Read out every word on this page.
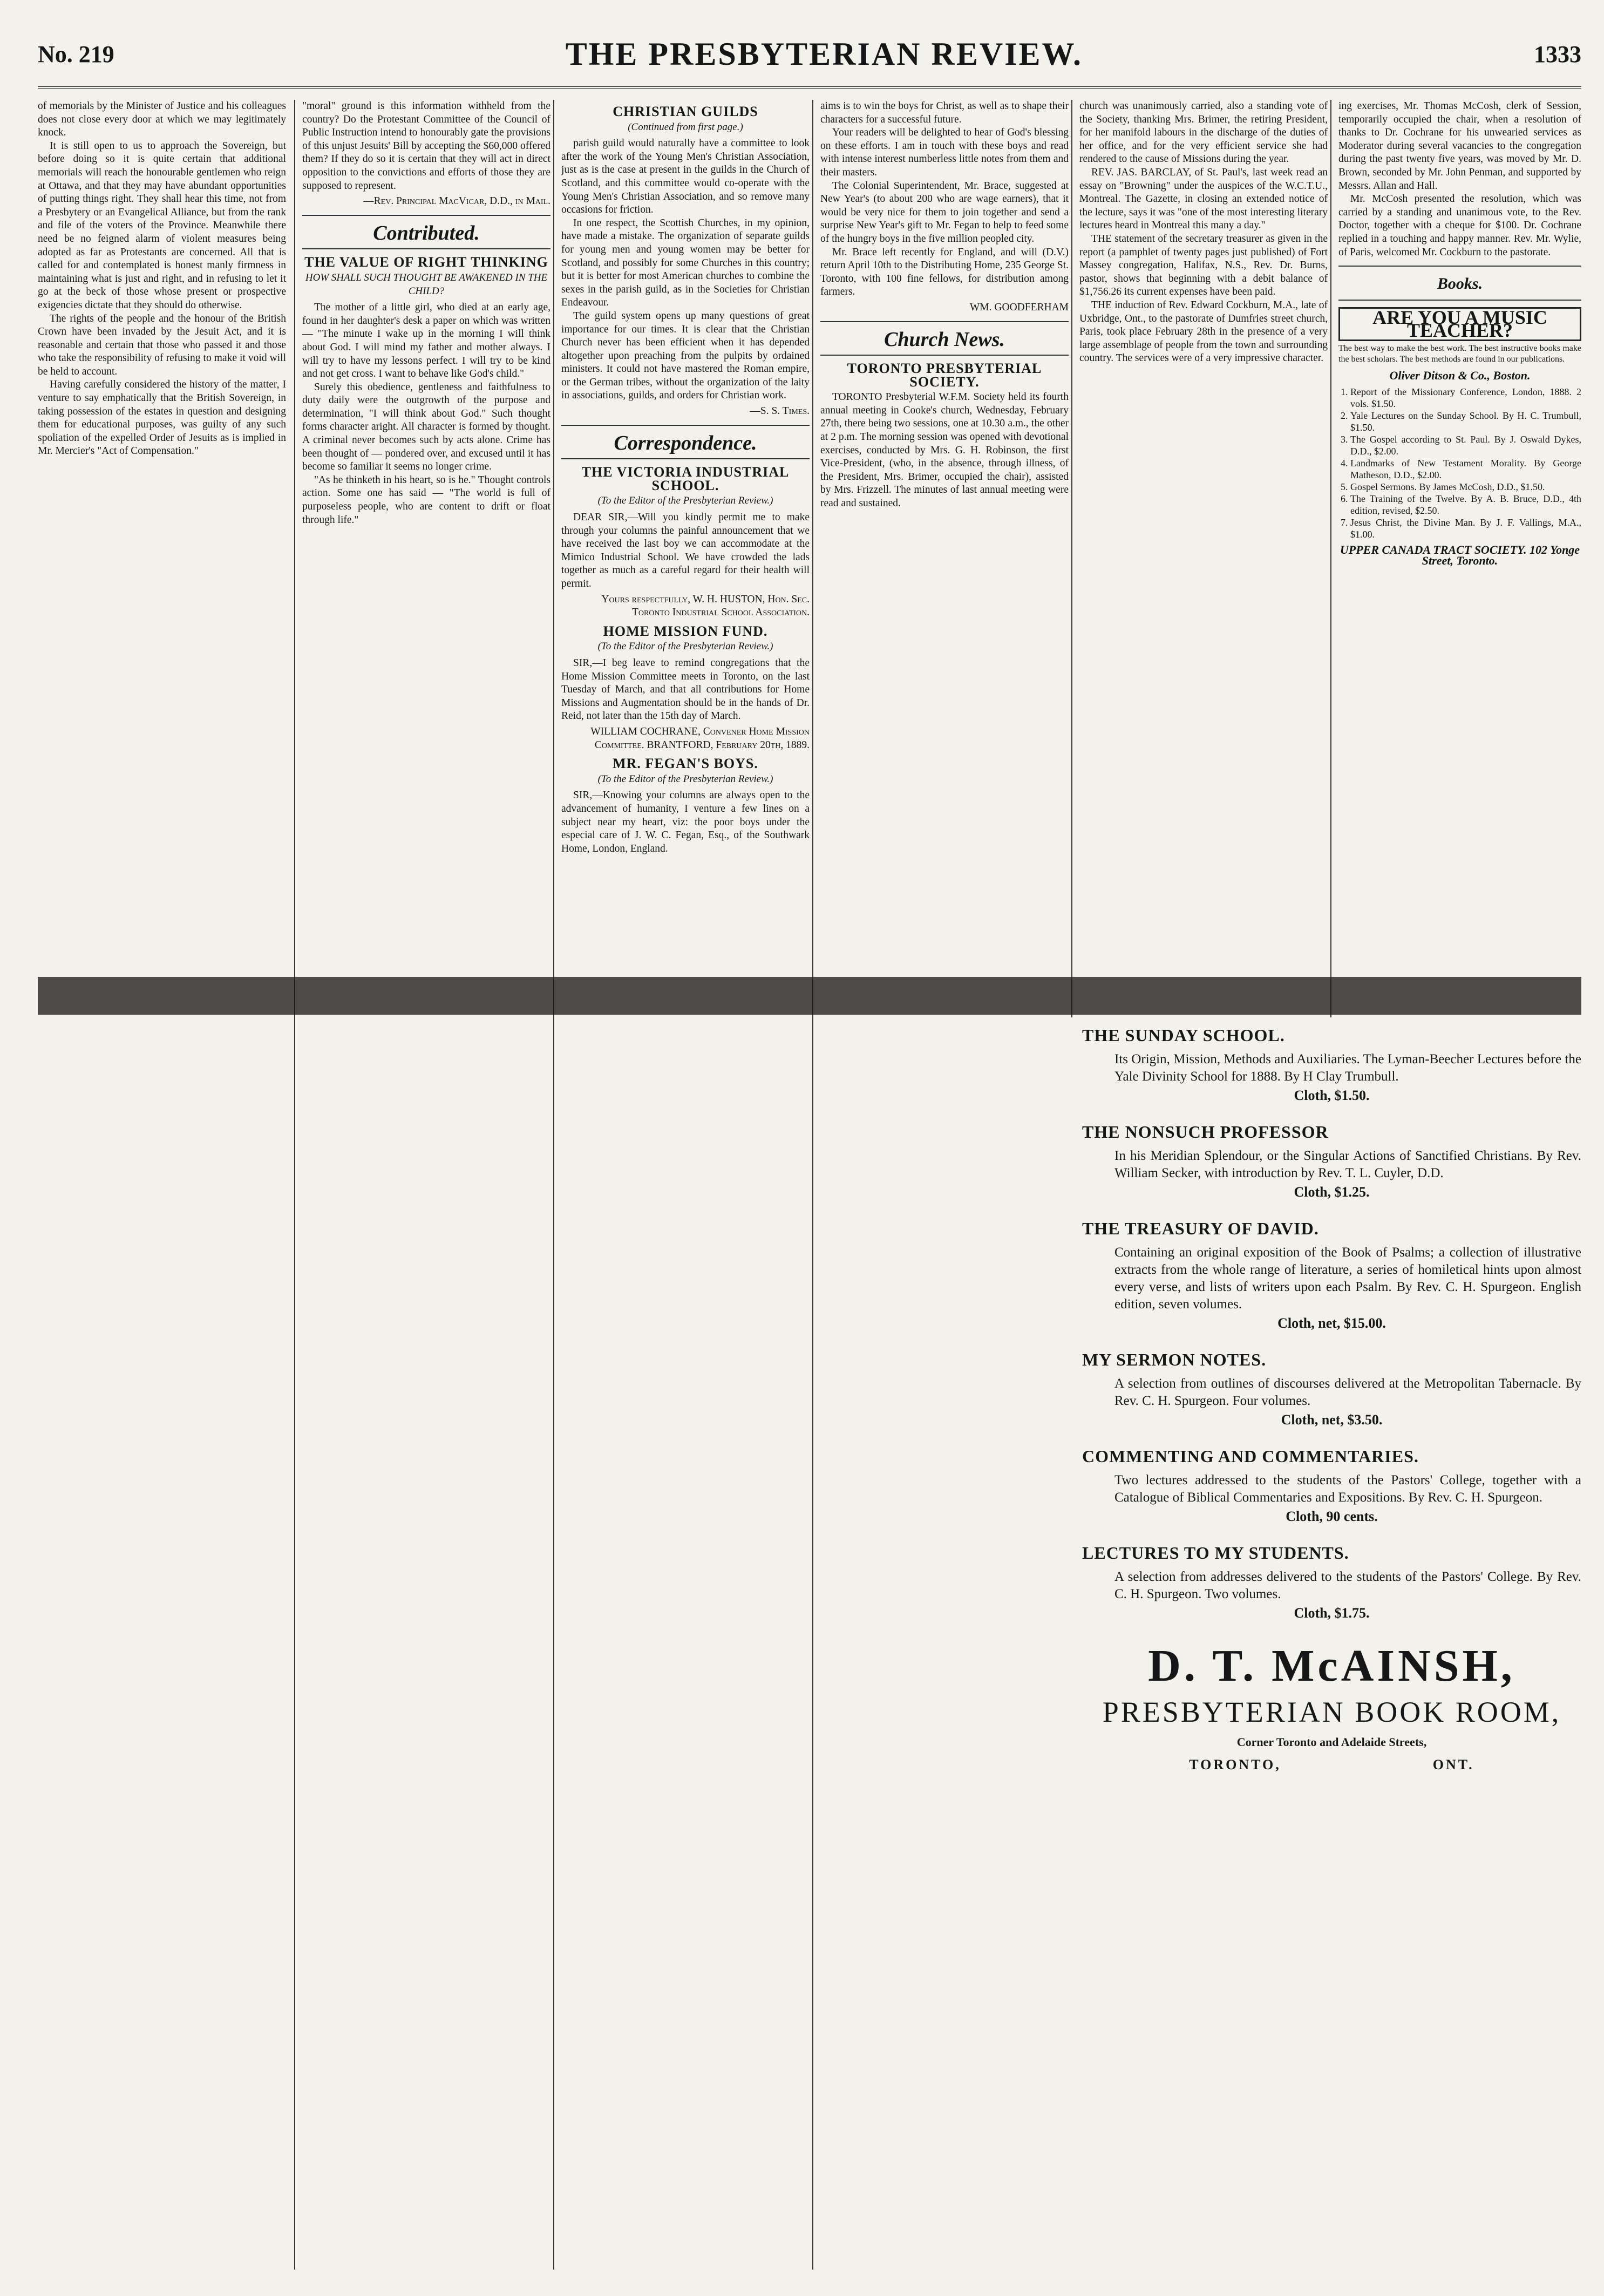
No. 219	THE PRESBYTERIAN REVIEW.	1333

of memorials by the Minister of Justice and his colleagues does not close every door at which we may legitimately knock.

It is still open to us to approach the Sovereign, but before doing so it is quite certain that additional memorials will reach the honourable gentlemen who reign at Ottawa, and that they may have abundant opportunities of putting things right. They shall hear this time, not from a Presbytery or an Evangelical Alliance, but from the rank and file of the voters of the Province. Meanwhile there need be no feigned alarm of violent measures being adopted as far as Protestants are concerned. All that is called for and contemplated is honest manly firmness in maintaining what is just and right, and in refusing to let it go at the beck of those whose present or prospective exigencies dictate that they should do otherwise.

The rights of the people and the honour of the British Crown have been invaded by the Jesuit Act, and it is reasonable and certain that those who passed it and those who take the responsibility of refusing to make it void will be held to account.

Having carefully considered the history of the matter, I venture to say emphatically that the British Sovereign, in taking possession of the estates in question and designing them for educational purposes, was guilty of any such spoliation of the expelled Order of Jesuits as is implied in Mr. Mercier's "Act of Compensation."

"moral" ground is this information withheld from the country? Do the Protestant Committee of the Council of Public Instruction intend to honourably gate the provisions of this unjust Jesuits' Bill by accepting the $60,000 offered them? If they do so it is certain that they will act in direct opposition to the convictions and efforts of those they are supposed to represent.

—Rev. Principal MacVicar, D.D., in Mail.
Contributed.
THE VALUE OF RIGHT THINKING
HOW SHALL SUCH THOUGHT BE AWAKENED IN THE CHILD?

The mother of a little girl, who died at an early age, found in her daughter's desk a paper on which was written — "The minute I wake up in the morning I will think about God. I will mind my father and mother always. I will try to have my lessons perfect. I will try to be kind and not get cross. I want to behave like God's child."

Surely this obedience, gentleness and faithfulness to duty daily were the outgrowth of the purpose and determination, "I will think about God." Such thought forms character aright. All character is formed by thought. A criminal never becomes such by acts alone. Crime has been thought of — pondered over, and excused until it has become so familiar it seems no longer crime.

"As he thinketh in his heart, so is he." Thought controls action. Some one has said — "The world is full of purposeless people, who are content to drift or float through life."

CHRISTIAN GUILDS
(Continued from first page.)

parish guild would naturally have a committee to look after the work of the Young Men's Christian Association, just as is the case at present in the guilds in the Church of Scotland, and this committee would co-operate with the Young Men's Christian Association, and so remove many occasions for friction.

In one respect, the Scottish Churches, in my opinion, have made a mistake. The organization of separate guilds for young men and young women may be better for Scotland, and possibly for some Churches in this country; but it is better for most American churches to combine the sexes in the parish guild, as in the Societies for Christian Endeavour.

The guild system opens up many questions of great importance for our times. It is clear that the Christian Church never has been efficient when it has depended altogether upon preaching from the pulpits by ordained ministers. It could not have mastered the Roman empire, or the German tribes, without the organization of the laity in associations, guilds, and orders for Christian work.

—S. S. Times.
Correspondence.
THE VICTORIA INDUSTRIAL SCHOOL.
(To the Editor of the Presbyterian Review.)

DEAR SIR,—Will you kindly permit me to make through your columns the painful announcement that we have received the last boy we can accommodate at the Mimico Industrial School. We have crowded the lads together as much as a careful regard for their health will permit.

Yours respectfully, W. H. HUSTON, Hon. Sec. Toronto Industrial School Association.
HOME MISSION FUND.
(To the Editor of the Presbyterian Review.)

SIR,—I beg leave to remind congregations that the Home Mission Committee meets in Toronto, on the last Tuesday of March, and that all contributions for Home Missions and Augmentation should be in the hands of Dr. Reid, not later than the 15th day of March.

WILLIAM COCHRANE, Convener Home Mission Committee. BRANTFORD, February 20th, 1889.
MR. FEGAN'S BOYS.
(To the Editor of the Presbyterian Review.)

SIR,—Knowing your columns are always open to the advancement of humanity, I venture a few lines on a subject near my heart, viz: the poor boys under the especial care of J. W. C. Fegan, Esq., of the Southwark Home, London, England.

aims is to win the boys for Christ, as well as to shape their characters for a successful future.

Your readers will be delighted to hear of God's blessing on these efforts. I am in touch with these boys and read with intense interest numberless little notes from them and their masters.

The Colonial Superintendent, Mr. Brace, suggested at New Year's (to about 200 who are wage earners), that it would be very nice for them to join together and send a surprise New Year's gift to Mr. Fegan to help to feed some of the hungry boys in the five million peopled city.

Mr. Brace left recently for England, and will (D.V.) return April 10th to the Distributing Home, 235 George St. Toronto, with 100 fine fellows, for distribution among farmers.

WM. GOODFERHAM
Church News.
TORONTO PRESBYTERIAL SOCIETY.

TORONTO Presbyterial W.F.M. Society held its fourth annual meeting in Cooke's church, Wednesday, February 27th, there being two sessions, one at 10.30 a.m., the other at 2 p.m. The morning session was opened with devotional exercises, conducted by Mrs. G. H. Robinson, the first Vice-President, (who, in the absence, through illness, of the President, Mrs. Brimer, occupied the chair), assisted by Mrs. Frizzell. The minutes of last annual meeting were read and sustained.

church was unanimously carried, also a standing vote of the Society, thanking Mrs. Brimer, the retiring President, for her manifold labours in the discharge of the duties of her office, and for the very efficient service she had rendered to the cause of Missions during the year.

REV. JAS. BARCLAY, of St. Paul's, last week read an essay on "Browning" under the auspices of the W.C.T.U., Montreal. The Gazette, in closing an extended notice of the lecture, says it was "one of the most interesting literary lectures heard in Montreal this many a day."

THE statement of the secretary treasurer as given in the report (a pamphlet of twenty pages just published) of Fort Massey congregation, Halifax, N.S., Rev. Dr. Burns, pastor, shows that beginning with a debit balance of $1,756.26 its current expenses have been paid.

THE induction of Rev. Edward Cockburn, M.A., late of Uxbridge, Ont., to the pastorate of Dumfries street church, Paris, took place February 28th in the presence of a very large assemblage of people from the town and surrounding country. The services were of a very impressive character.

ing exercises, Mr. Thomas McCosh, clerk of Session, temporarily occupied the chair, when a resolution of thanks to Dr. Cochrane for his unwearied services as Moderator during several vacancies to the congregation during the past twenty five years, was moved by Mr. D. Brown, seconded by Mr. John Penman, and supported by Messrs. Allan and Hall.

Mr. McCosh presented the resolution, which was carried by a standing and unanimous vote, to the Rev. Doctor, together with a cheque for $100. Dr. Cochrane replied in a touching and happy manner. Rev. Mr. Wylie, of Paris, welcomed Mr. Cockburn to the pastorate.

Books.
ARE YOU A MUSIC TEACHER?

The best way to make the best work. The best instructive books make the best scholars. The best methods are found in our publications.

Oliver Ditson & Co., Boston.
1. Report of the Missionary Conference, London, 1888. 2 vols. $1.50.
2. Yale Lectures on the Sunday School. By H. C. Trumbull, $1.50.
3. The Gospel according to St. Paul. By J. Oswald Dykes, D.D., $2.00.
4. Landmarks of New Testament Morality. By George Matheson, D.D., $2.00.
5. Gospel Sermons. By James McCosh, D.D., $1.50.
6. The Training of the Twelve. By A. B. Bruce, D.D., 4th edition, revised, $2.50.
7. Jesus Christ, the Divine Man. By J. F. Vallings, M.A., $1.00.
UPPER CANADA TRACT SOCIETY. 102 Yonge Street, Toronto.
THE SUNDAY SCHOOL.
Its Origin, Mission, Methods and Auxiliaries. The Lyman-Beecher Lectures before the Yale Divinity School for 1888. By H Clay Trumbull.
Cloth, $1.50.
THE NONSUCH PROFESSOR
In his Meridian Splendour, or the Singular Actions of Sanctified Christians. By Rev. William Secker, with introduction by Rev. T. L. Cuyler, D.D.
Cloth, $1.25.
THE TREASURY OF DAVID.
Containing an original exposition of the Book of Psalms; a collection of illustrative extracts from the whole range of literature, a series of homiletical hints upon almost every verse, and lists of writers upon each Psalm. By Rev. C. H. Spurgeon. English edition, seven volumes.
Cloth, net, $15.00.
MY SERMON NOTES.
A selection from outlines of discourses delivered at the Metropolitan Tabernacle. By Rev. C. H. Spurgeon. Four volumes.
Cloth, net, $3.50.
COMMENTING AND COMMENTARIES.
Two lectures addressed to the students of the Pastors' College, together with a Catalogue of Biblical Commentaries and Expositions. By Rev. C. H. Spurgeon.
Cloth, 90 cents.
LECTURES TO MY STUDENTS.
A selection from addresses delivered to the students of the Pastors' College. By Rev. C. H. Spurgeon. Two volumes.
Cloth, $1.75.
D. T. McAINSH,
PRESBYTERIAN BOOK ROOM,
Corner Toronto and Adelaide Streets,
TORONTO,	ONT.
